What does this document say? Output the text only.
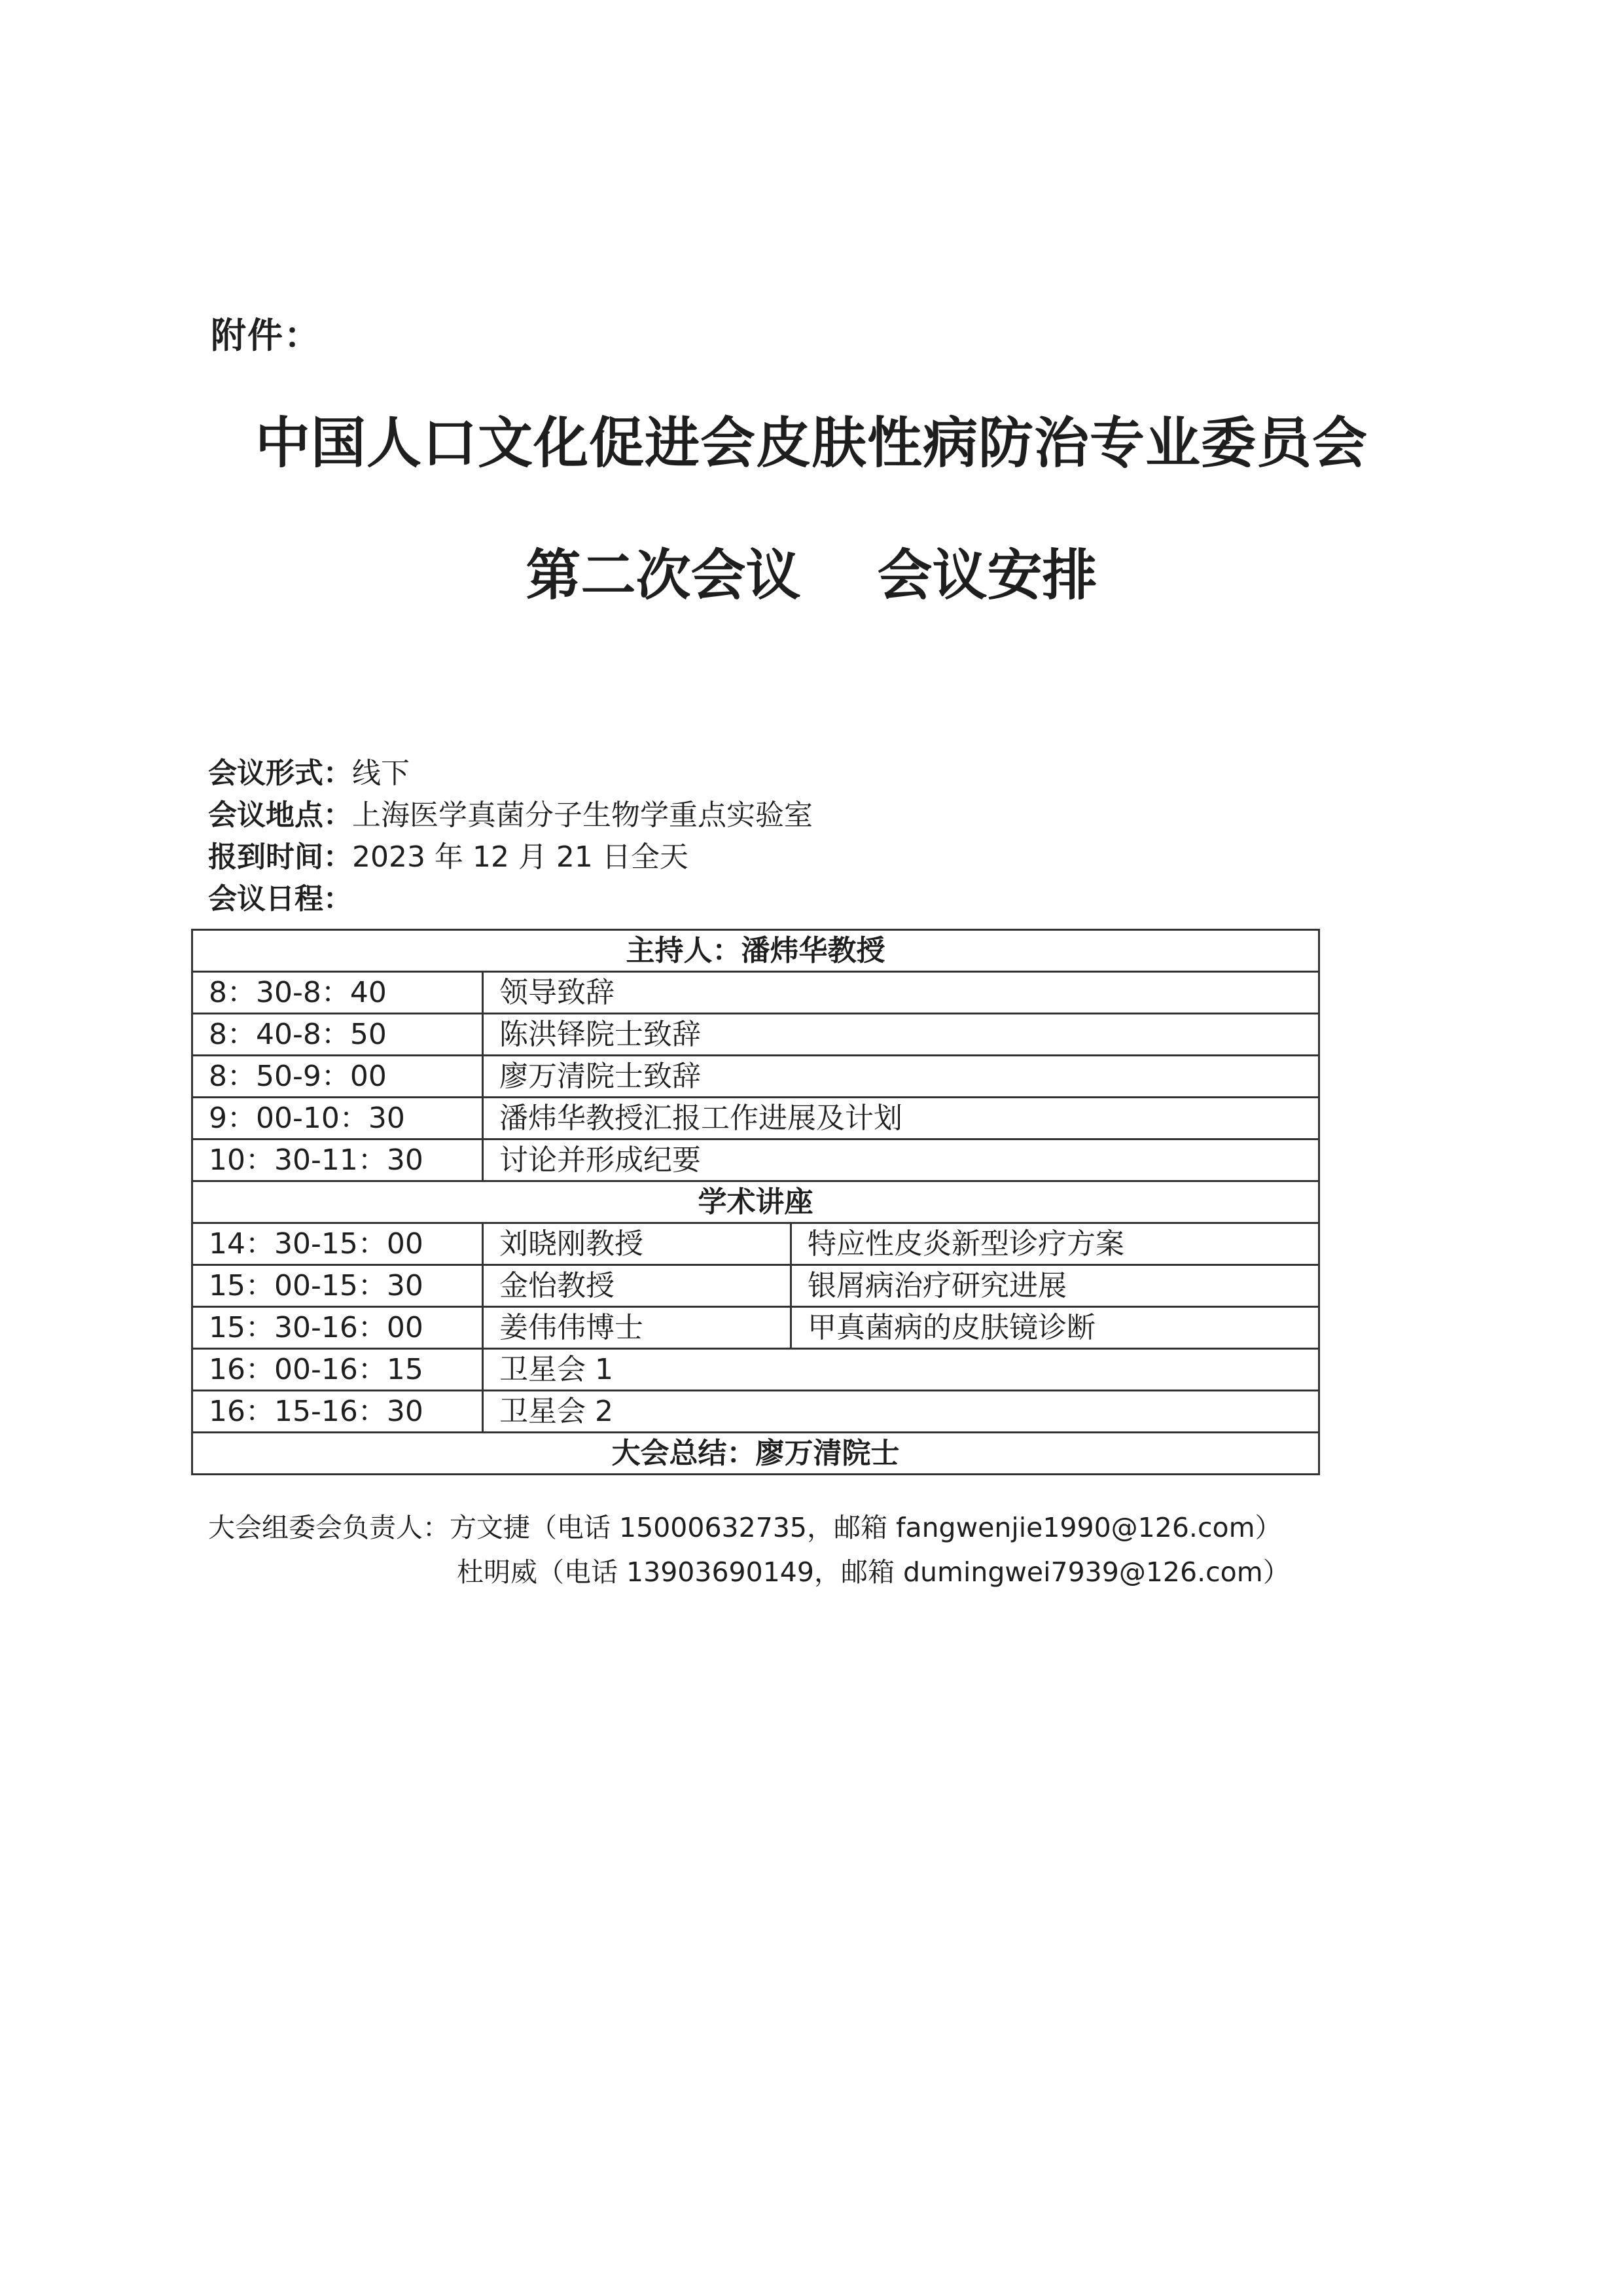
附件：
中国人口文化促进会皮肤性病防治专业委员会
第二次会议    会议安排
会议形式：线下
会议地点：上海医学真菌分子生物学重点实验室
报到时间：2023 年 12 月 21 日全天
会议日程：
主持人：潘炜华教授		
8：30-8：40	领导致辞	
8：40-8：50	陈洪铎院士致辞	
8：50-9：00	廖万清院士致辞	
9：00-10：30	潘炜华教授汇报工作进展及计划	
10：30-11：30	讨论并形成纪要	
学术讲座		
14：30-15：00	刘晓刚教授	特应性皮炎新型诊疗方案
15：00-15：30	金怡教授	银屑病治疗研究进展
15：30-16：00	姜伟伟博士	甲真菌病的皮肤镜诊断
16：00-16：15	卫星会 1	
16：15-16：30	卫星会 2	
大会总结：廖万清院士		
大会组委会负责人：方文捷（电话 15000632735，邮箱 fangwenjie1990@126.com）
杜明威（电话 13903690149，邮箱 dumingwei7939@126.com）
